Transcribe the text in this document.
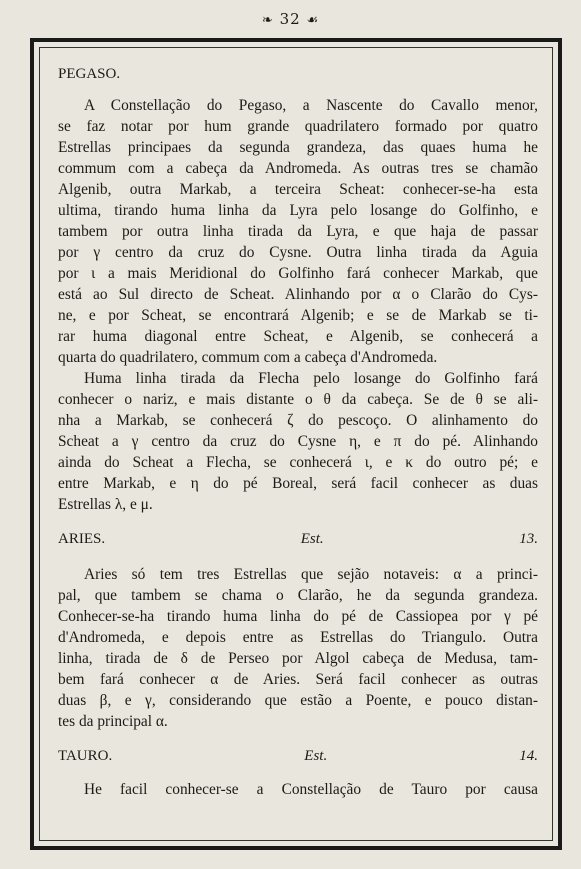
❧ 32 ☙

PEGASO.

A Constellação do Pegaso, a Nascente do Cavallo menor,

se faz notar por hum grande quadrilatero formado por quatro

Estrellas principaes da segunda grandeza, das quaes huma he

commum com a cabeça da Andromeda. As outras tres se chamão

Algenib, outra Markab, a terceira Scheat: conhecer-se-ha esta

ultima, tirando huma linha da Lyra pelo losange do Golfinho, e

tambem por outra linha tirada da Lyra, e que haja de passar

por γ centro da cruz do Cysne. Outra linha tirada da Aguia

por ι a mais Meridional do Golfinho fará conhecer Markab, que

está ao Sul directo de Scheat. Alinhando por α o Clarão do Cys-

ne, e por Scheat, se encontrará Algenib; e se de Markab se ti-

rar huma diagonal entre Scheat, e Algenib, se conhecerá a

quarta do quadrilatero, commum com a cabeça d'Andromeda.

Huma linha tirada da Flecha pelo losange do Golfinho fará

conhecer o nariz, e mais distante o θ da cabeça. Se de θ se ali-

nha a Markab, se conhecerá ζ do pescoço. O alinhamento do

Scheat a γ centro da cruz do Cysne η, e π do pé. Alinhando

ainda do Scheat a Flecha, se conhecerá ι, e κ do outro pé; e

entre Markab, e η do pé Boreal, será facil conhecer as duas

Estrellas λ, e μ.

ARIES.	Est. 13.

Aries só tem tres Estrellas que sejão notaveis: α a princi-

pal, que tambem se chama o Clarão, he da segunda grandeza.

Conhecer-se-ha tirando huma linha do pé de Cassiopea por γ pé

d'Andromeda, e depois entre as Estrellas do Triangulo. Outra

linha, tirada de δ de Perseo por Algol cabeça de Medusa, tam-

bem fará conhecer α de Aries. Será facil conhecer as outras

duas β, e γ, considerando que estão a Poente, e pouco distan-

tes da principal α.

TAURO.	Est. 14.

He facil conhecer-se a Constellação de Tauro por causa
